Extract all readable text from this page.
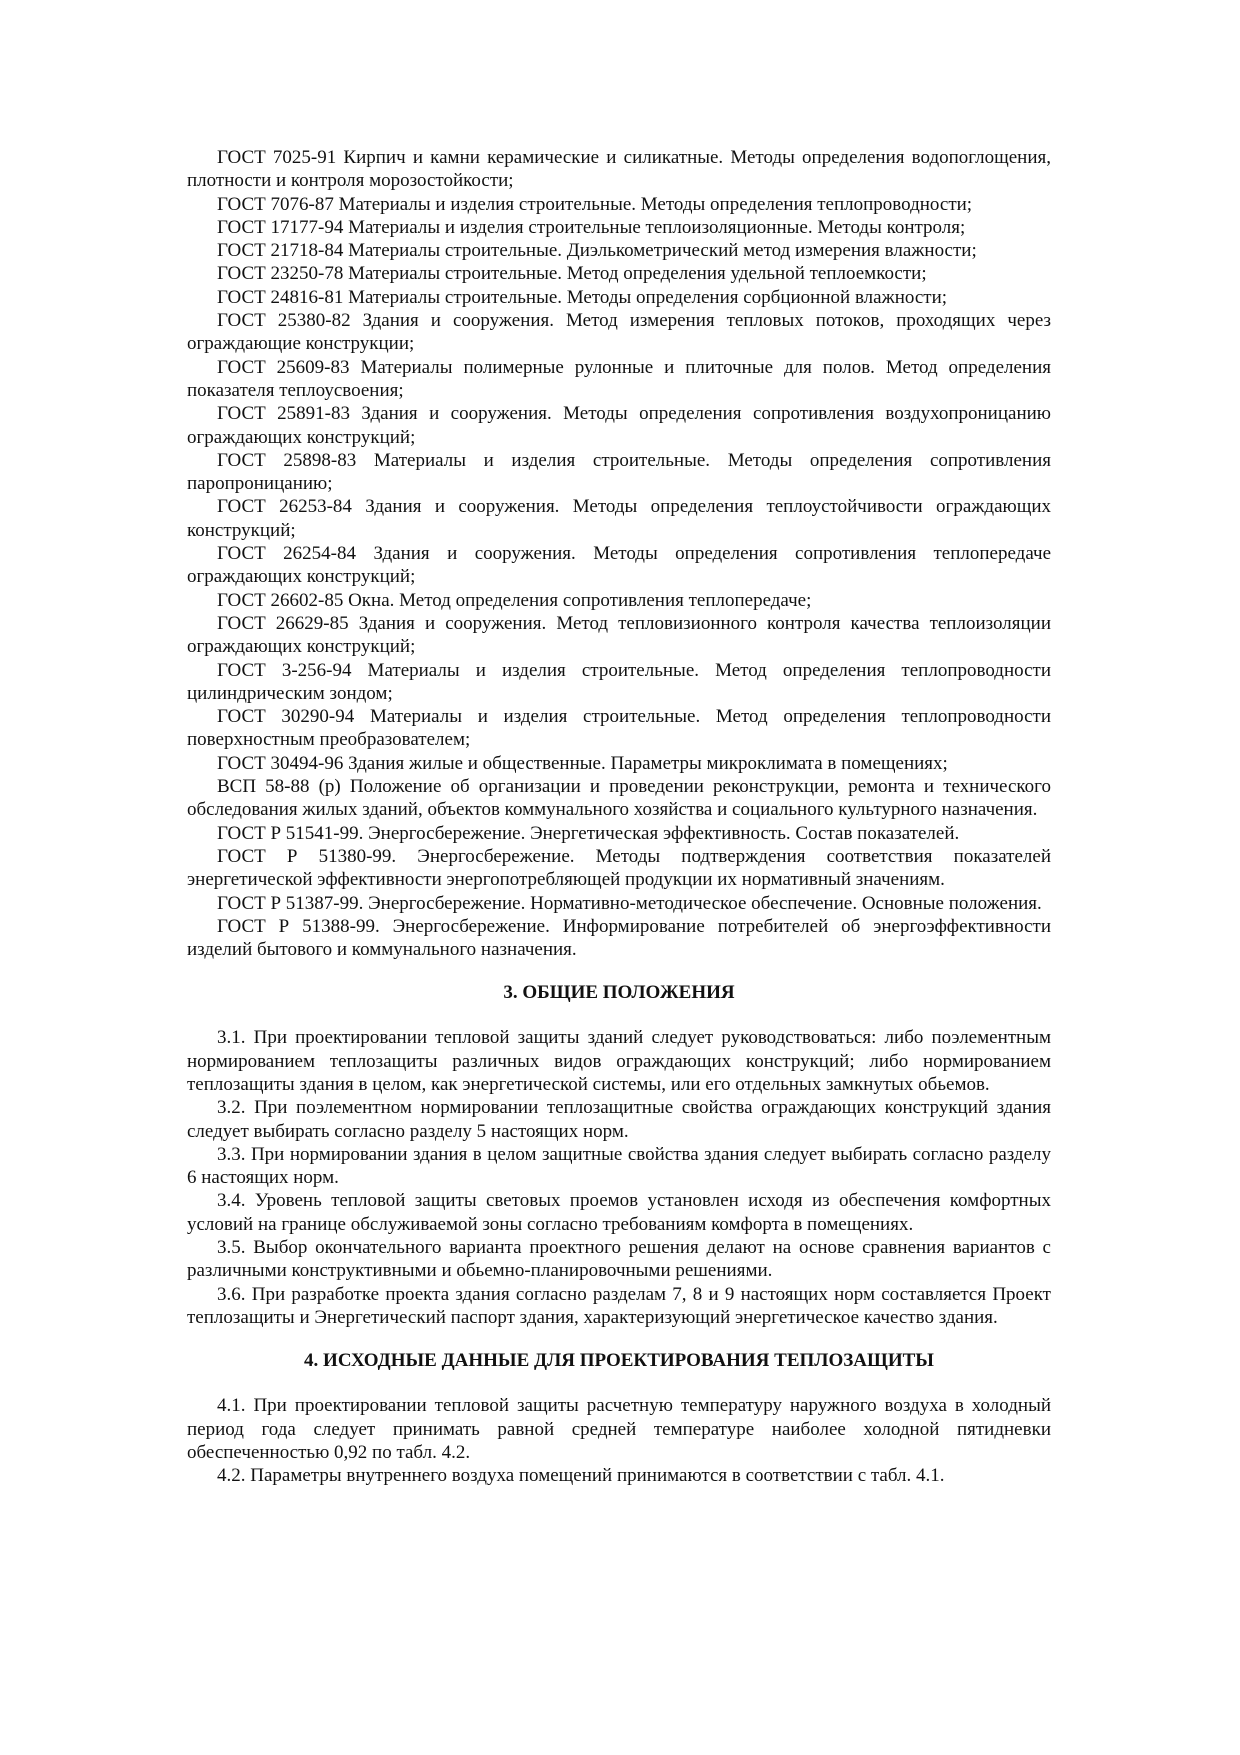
ГОСТ 7025-91 Кирпич и камни керамические и силикатные. Методы определения водопоглощения, плотности и контроля морозостойкости;

ГОСТ 7076-87 Материалы и изделия строительные. Методы определения теплопроводности;

ГОСТ 17177-94 Материалы и изделия строительные теплоизоляционные. Методы контроля;

ГОСТ 21718-84 Материалы строительные. Диэлькометрический метод измерения влажности;

ГОСТ 23250-78 Материалы строительные. Метод определения удельной теплоемкости;

ГОСТ 24816-81 Материалы строительные. Методы определения сорбционной влажности;

ГОСТ 25380-82 Здания и сооружения. Метод измерения тепловых потоков, проходящих через ограждающие конструкции;

ГОСТ 25609-83 Материалы полимерные рулонные и плиточные для полов. Метод определения показателя теплоусвоения;

ГОСТ 25891-83 Здания и сооружения. Методы определения сопротивления воздухопроницанию ограждающих конструкций;

ГОСТ 25898-83 Материалы и изделия строительные. Методы определения сопротивления паропроницанию;

ГОСТ 26253-84 Здания и сооружения. Методы определения теплоустойчивости ограждающих конструкций;

ГОСТ 26254-84 Здания и сооружения. Методы определения сопротивления теплопередаче ограждающих конструкций;

ГОСТ 26602-85 Окна. Метод определения сопротивления теплопередаче;

ГОСТ 26629-85 Здания и сооружения. Метод тепловизионного контроля качества теплоизоляции ограждающих конструкций;

ГОСТ 3-256-94 Материалы и изделия строительные. Метод определения теплопроводности цилиндрическим зондом;

ГОСТ 30290-94 Материалы и изделия строительные. Метод определения теплопроводности поверхностным преобразователем;

ГОСТ 30494-96 Здания жилые и общественные. Параметры микроклимата в помещениях;

ВСП 58-88 (р) Положение об организации и проведении реконструкции, ремонта и технического обследования жилых зданий, объектов коммунального хозяйства и социального культурного назначения.

ГОСТ Р 51541-99. Энергосбережение. Энергетическая эффективность. Состав показателей.

ГОСТ Р 51380-99. Энергосбережение. Методы подтверждения соответствия показателей энергетической эффективности энергопотребляющей продукции их нормативный значениям.

ГОСТ Р 51387-99. Энергосбережение. Нормативно-методическое обеспечение. Основные положения.

ГОСТ Р 51388-99. Энергосбережение. Информирование потребителей об энергоэффективности изделий бытового и коммунального назначения.

3. ОБЩИЕ ПОЛОЖЕНИЯ

3.1. При проектировании тепловой защиты зданий следует руководствоваться: либо поэлементным нормированием теплозащиты различных видов ограждающих конструкций; либо нормированием теплозащиты здания в целом, как энергетической системы, или его отдельных замкнутых обьемов.

3.2. При поэлементном нормировании теплозащитные свойства ограждающих конструкций здания следует выбирать согласно разделу 5 настоящих норм.

3.3. При нормировании здания в целом защитные свойства здания следует выбирать согласно разделу 6 настоящих норм.

3.4. Уровень тепловой защиты световых проемов установлен исходя из обеспечения комфортных условий на границе обслуживаемой зоны согласно требованиям комфорта в помещениях.

3.5. Выбор окончательного варианта проектного решения делают на основе сравнения вариантов с различными конструктивными и обьемно-планировочными решениями.

3.6. При разработке проекта здания согласно разделам 7, 8 и 9 настоящих норм составляется Проект теплозащиты и Энергетический паспорт здания, характеризующий энергетическое качество здания.

4. ИСХОДНЫЕ ДАННЫЕ ДЛЯ ПРОЕКТИРОВАНИЯ ТЕПЛОЗАЩИТЫ

4.1. При проектировании тепловой защиты расчетную температуру наружного воздуха в холодный период года следует принимать равной средней температуре наиболее холодной пятидневки обеспеченностью 0,92 по табл. 4.2.

4.2. Параметры внутреннего воздуха помещений принимаются в соответствии с табл. 4.1.
